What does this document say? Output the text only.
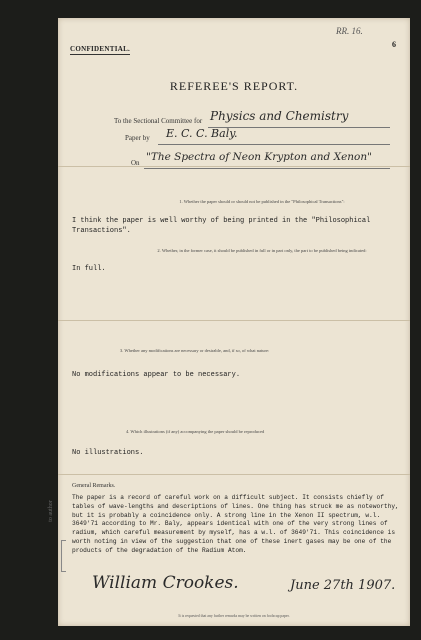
RR. 16.
6
CONFIDENTIAL.
REFEREE'S REPORT.
To the Sectional Committee for Physics and Chemistry
Paper by E. C. C. Baly.
On "The Spectra of Neon Krypton and Xenon"
1. Whether the paper should or should not be published in the "Philosophical Transactions":
I think the paper is well worthy of being printed in the "Philosophical Transactions".
2. Whether, in the former case, it should be published in full or in part only, the part to be published being indicated:
In full.
3. Whether any modifications are necessary or desirable, and, if so, of what nature:
No modifications appear to be necessary.
4. Which illustrations (if any) accompanying the paper should be reproduced
No illustrations.
General Remarks.
The paper is a record of careful work on a difficult subject. It consists chiefly of tables of wave-lengths and descriptions of lines. One thing has struck me as noteworthy, but it is probably a coincidence only. A strong line in the Xenon II spectrum, w.l. 3649'71 according to Mr. Baly, appears identical with one of the very strong lines of radium, which careful measurement by myself, has a w.l. of 3649'71. This coincidence is worth noting in view of the suggestion that one of these inert gases may be one of the products of the degradation of the Radium Atom.
to author
William Crookes.	June 27th 1907.
It is requested that any further remarks may be written on foolscap paper.
